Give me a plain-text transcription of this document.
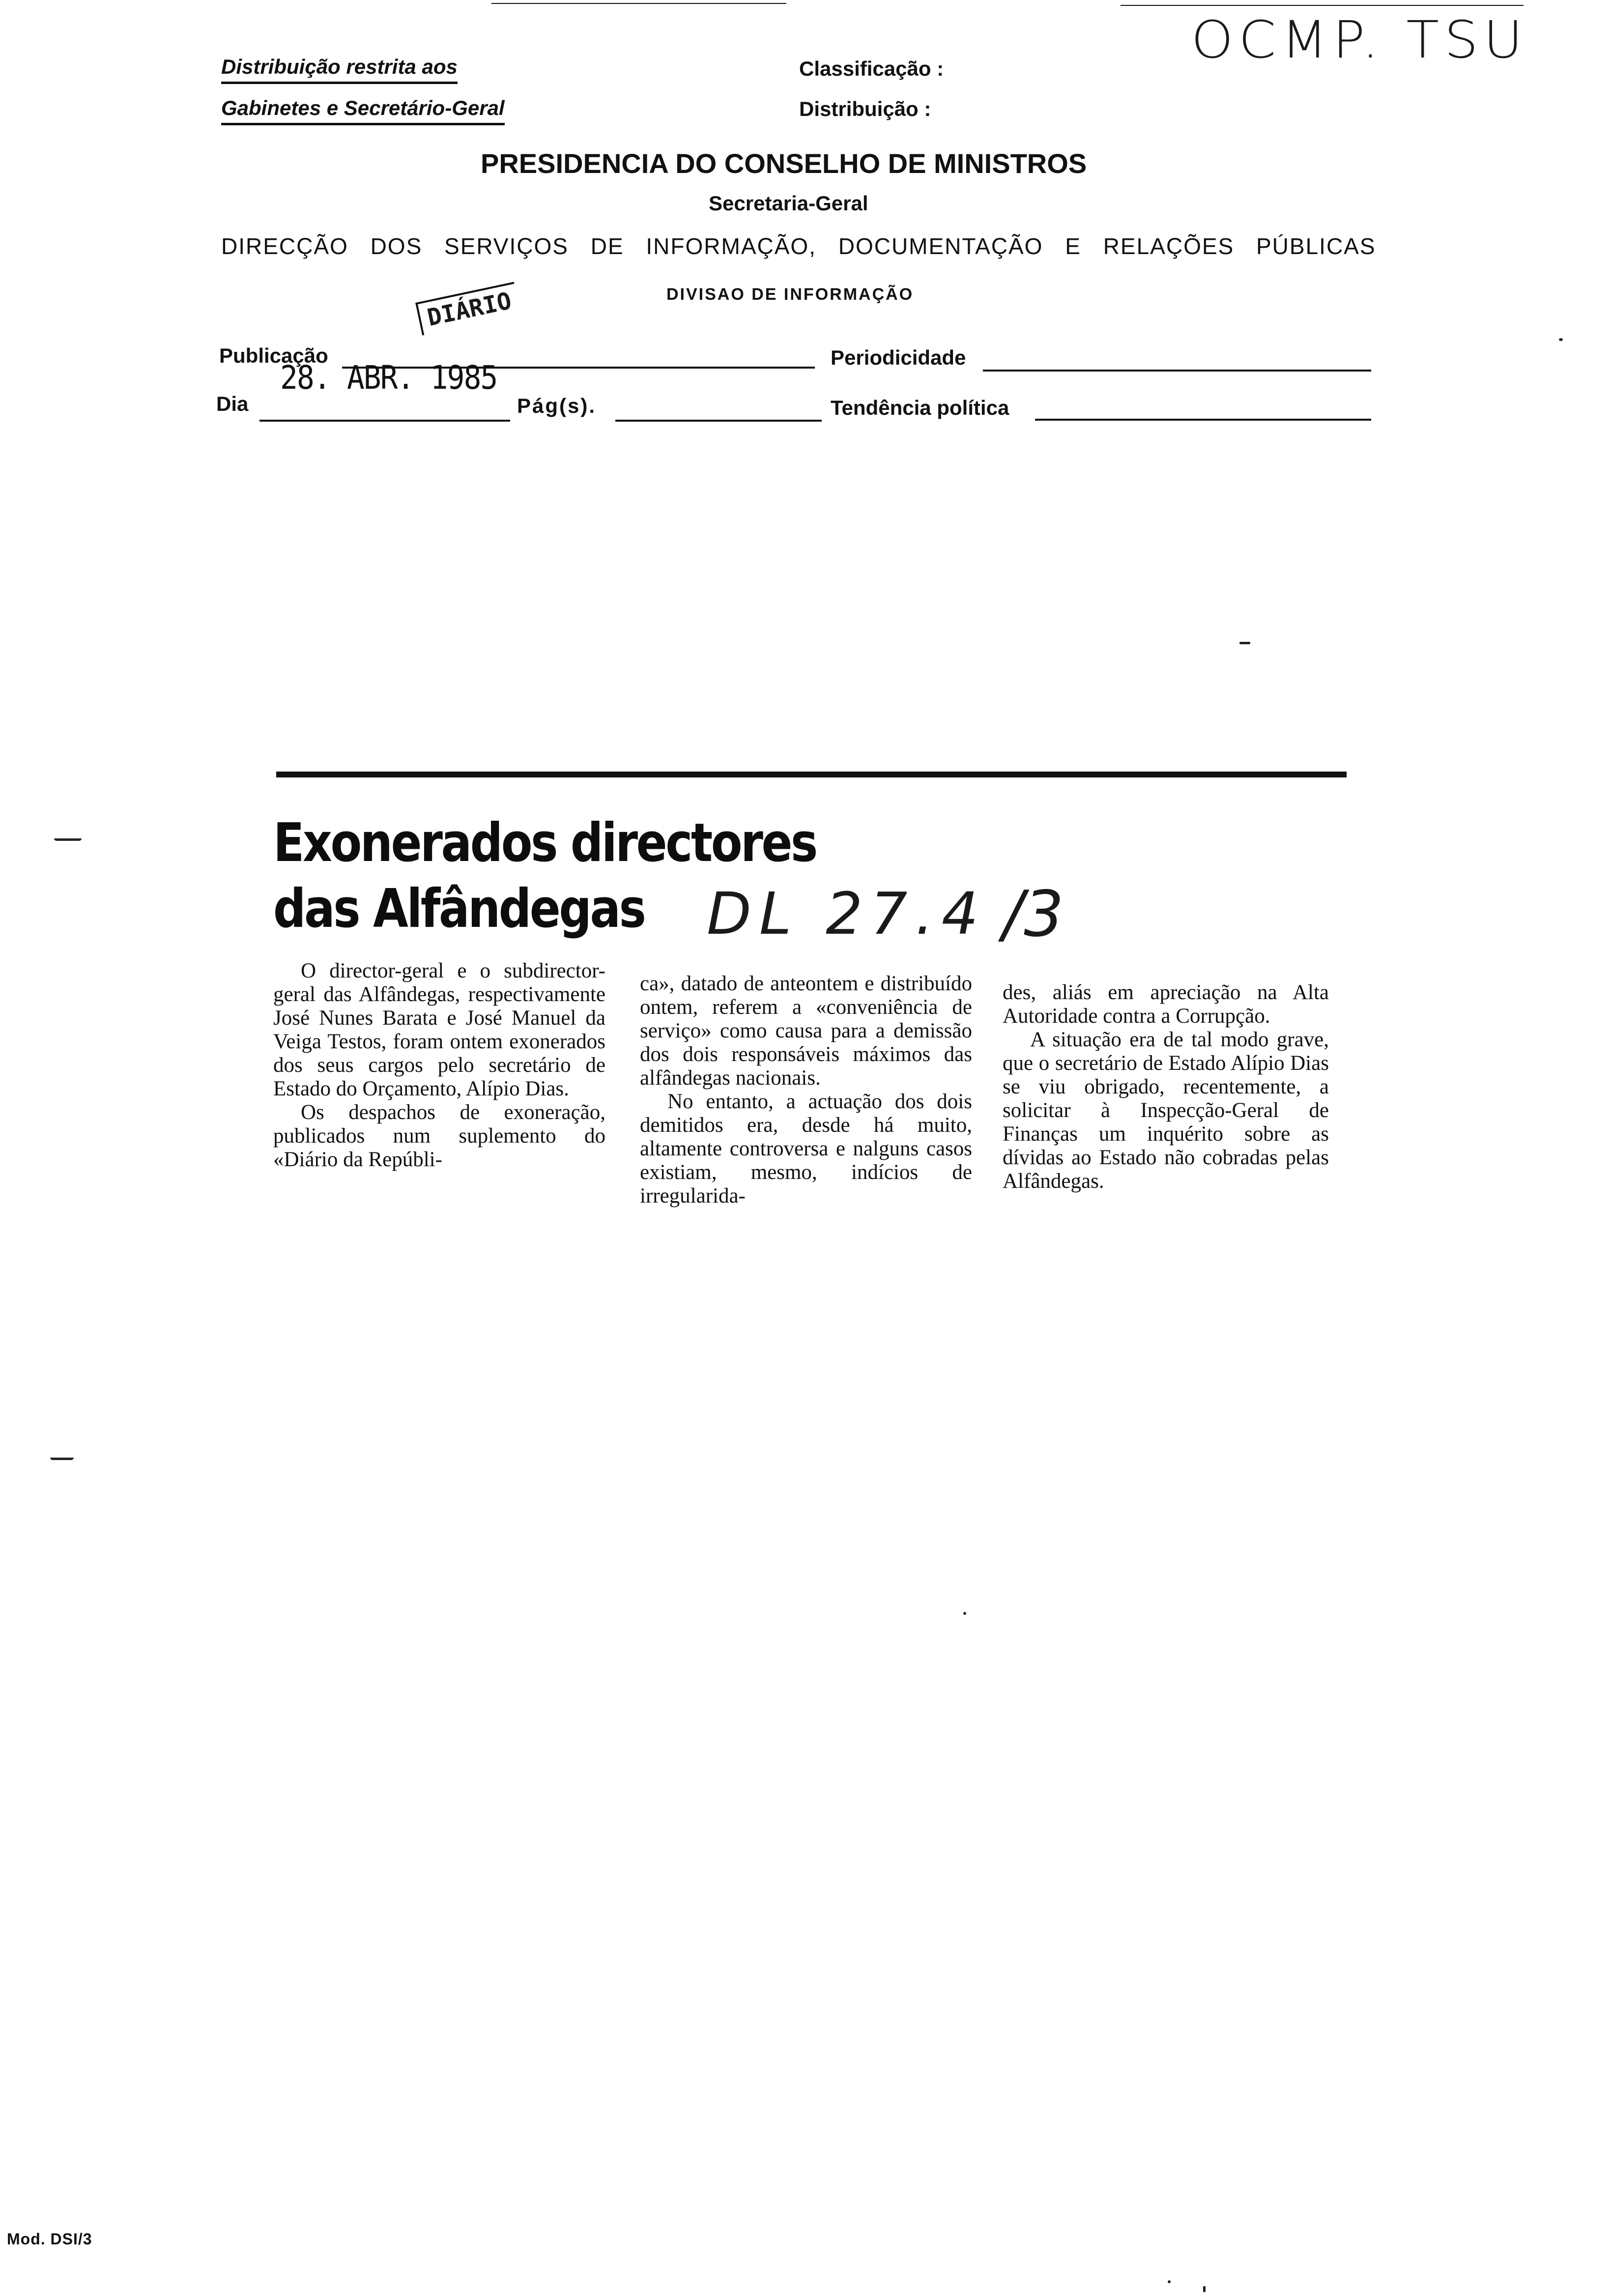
Distribuição restrita aos
Gabinetes e Secretário-Geral
Classificação :
Distribuição :
OCMP. TSU
PRESIDENCIA DO CONSELHO DE MINISTROS
Secretaria-Geral
DIRECÇÃO DOS SERVIÇOS DE INFORMAÇÃO, DOCUMENTAÇÃO E RELAÇÕES PÚBLICAS
DIVISAO DE INFORMAÇÃO
DIÁRIO
Publicação	Periodicidade
Dia
28. ABR. 1985
Pág(s).	Tendência política
Exonerados directores
das Alfândegas DL 27.4 /3

O director-geral e o subdirector-geral das Alfândegas, respectivamente José Nunes Barata e José Manuel da Veiga Testos, foram ontem exonerados dos seus cargos pelo secretário de Estado do Orçamento, Alípio Dias.

Os despachos de exoneração, publicados num suplemento do «Diário da Repúbli-

ca», datado de anteontem e distribuído ontem, referem a «conveniência de serviço» como causa para a demissão dos dois responsáveis máximos das alfândegas nacionais.

No entanto, a actuação dos dois demitidos era, desde há muito, altamente controversa e nalguns casos existiam, mesmo, indícios de irregularida-

des, aliás em apreciação na Alta Autoridade contra a Corrupção.

A situação era de tal modo grave, que o secretário de Estado Alípio Dias se viu obrigado, recentemente, a solicitar à Inspecção-Geral de Finanças um inquérito sobre as dívidas ao Estado não cobradas pelas Alfândegas.

Mod. DSI/3
